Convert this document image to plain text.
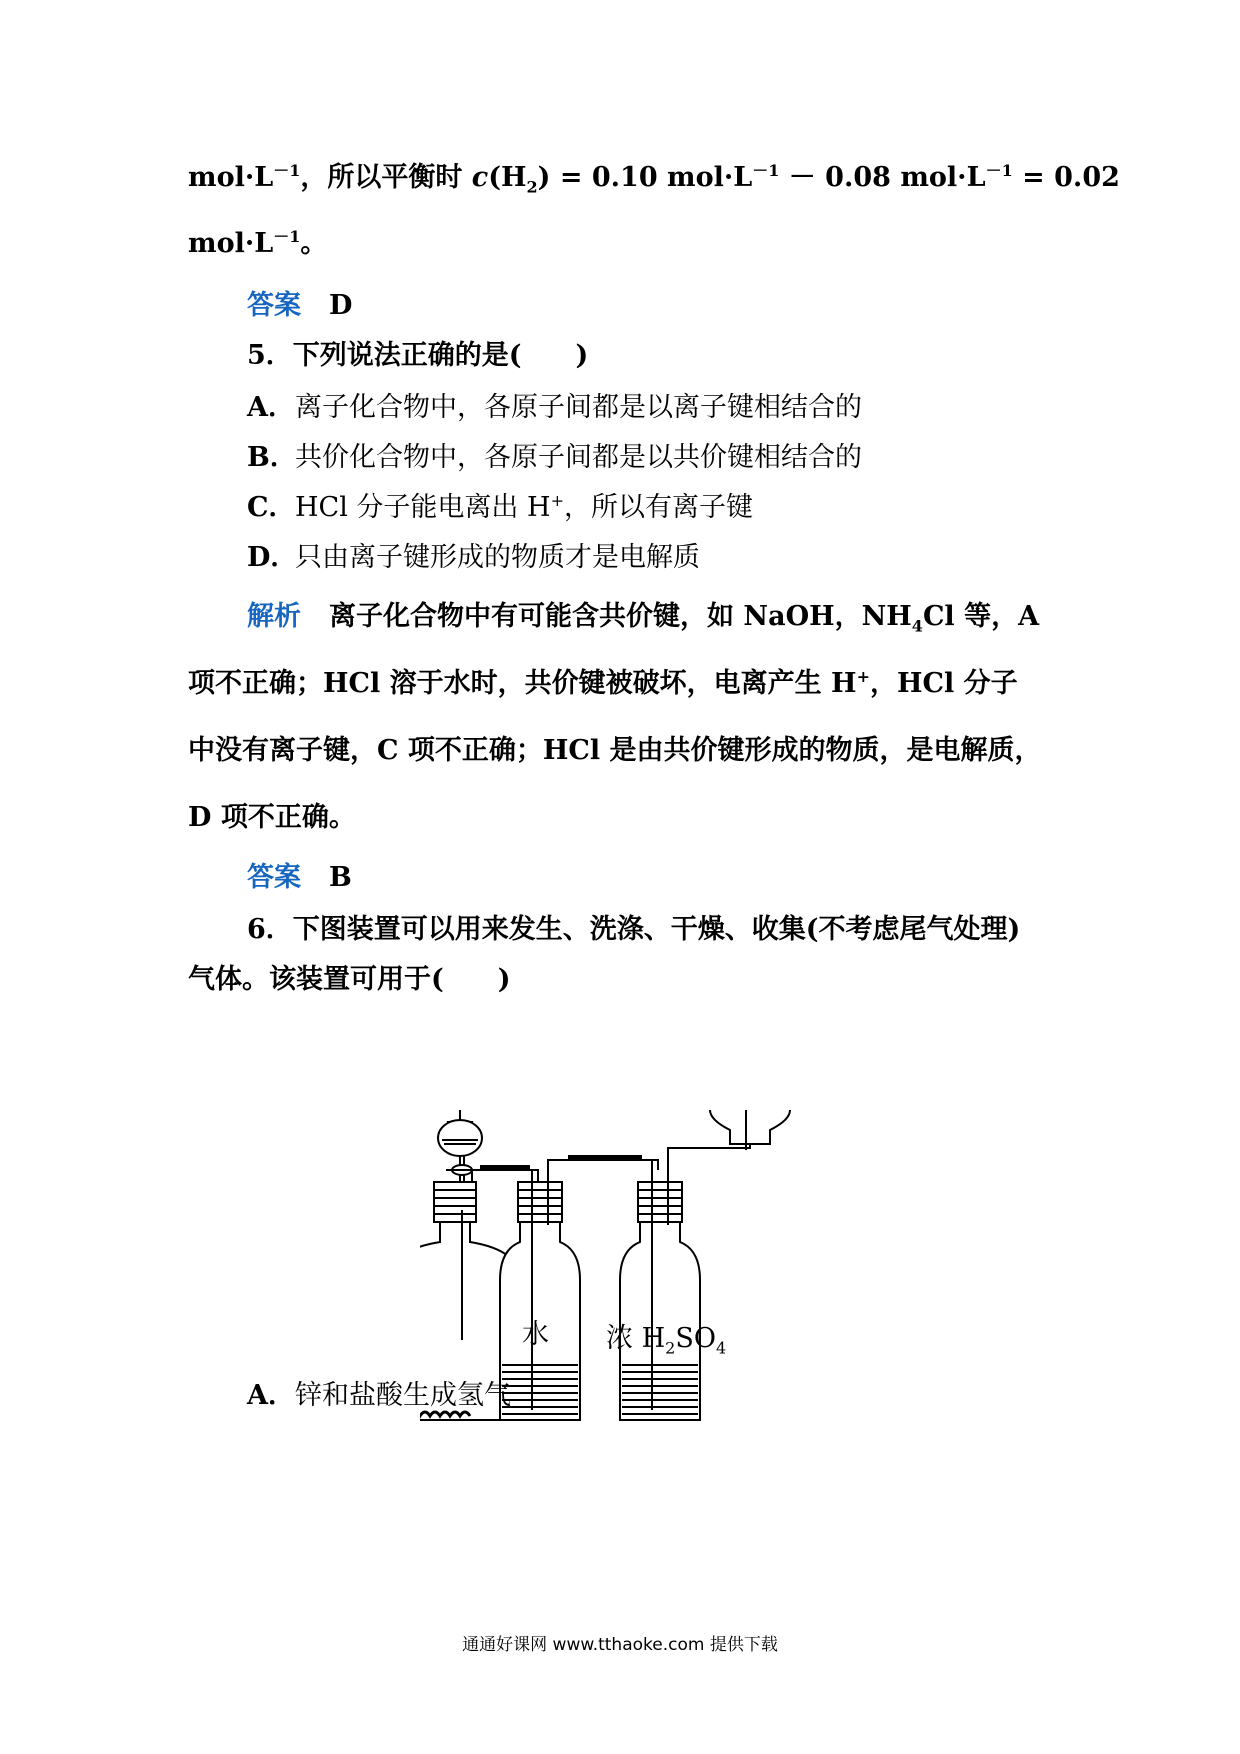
$mol\cdot L^{-1}$，所以平衡时 $c(H_2) = 0.10$ $mol\cdot L^{-1} - 0.08$ $mol\cdot L^{-1} = 0.02$
$mol\cdot L^{-1}$。
答案 D
5．下列说法正确的是(　　)
A．离子化合物中，各原子间都是以离子键相结合的
B．共价化合物中，各原子间都是以共价键相结合的
C．HCl 分子能电离出 H+，所以有离子键
D．只由离子键形成的物质才是电解质
解析 离子化合物中有可能含共价键，如 NaOH，$NH_4Cl$ 等，A
项不正确；HCl 溶于水时，共价键被破坏，电离产生 H+，HCl 分子
中没有离子键，C 项不正确；HCl 是由共价键形成的物质，是电解质，
D 项不正确。
答案 B
6．下图装置可以用来发生、洗涤、干燥、收集(不考虑尾气处理)
气体。该装置可用于(　　)
水 浓 $H_2SO_4$
A．锌和盐酸生成氢气
通通好课网 www.tthaoke.com 提供下载
